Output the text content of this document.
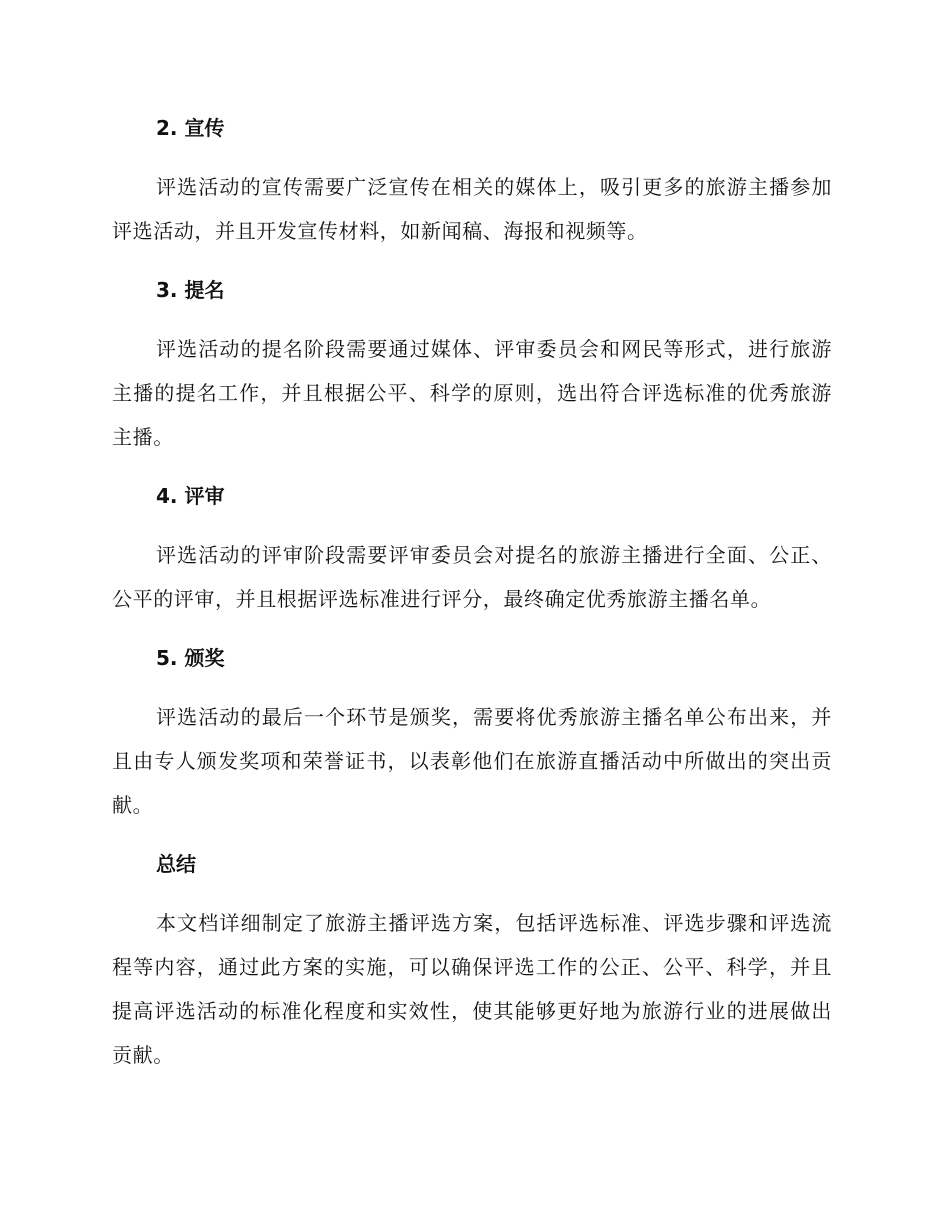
2. 宣传

评选活动的宣传需要广泛宣传在相关的媒体上，吸引更多的旅游主播参加评选活动，并且开发宣传材料，如新闻稿、海报和视频等。

3. 提名

评选活动的提名阶段需要通过媒体、评审委员会和网民等形式，进行旅游主播的提名工作，并且根据公平、科学的原则，选出符合评选标准的优秀旅游主播。

4. 评审

评选活动的评审阶段需要评审委员会对提名的旅游主播进行全面、公正、公平的评审，并且根据评选标准进行评分，最终确定优秀旅游主播名单。

5. 颁奖

评选活动的最后一个环节是颁奖，需要将优秀旅游主播名单公布出来，并且由专人颁发奖项和荣誉证书，以表彰他们在旅游直播活动中所做出的突出贡献。

总结

本文档详细制定了旅游主播评选方案，包括评选标准、评选步骤和评选流程等内容，通过此方案的实施，可以确保评选工作的公正、公平、科学，并且提高评选活动的标准化程度和实效性，使其能够更好地为旅游行业的进展做出贡献。
